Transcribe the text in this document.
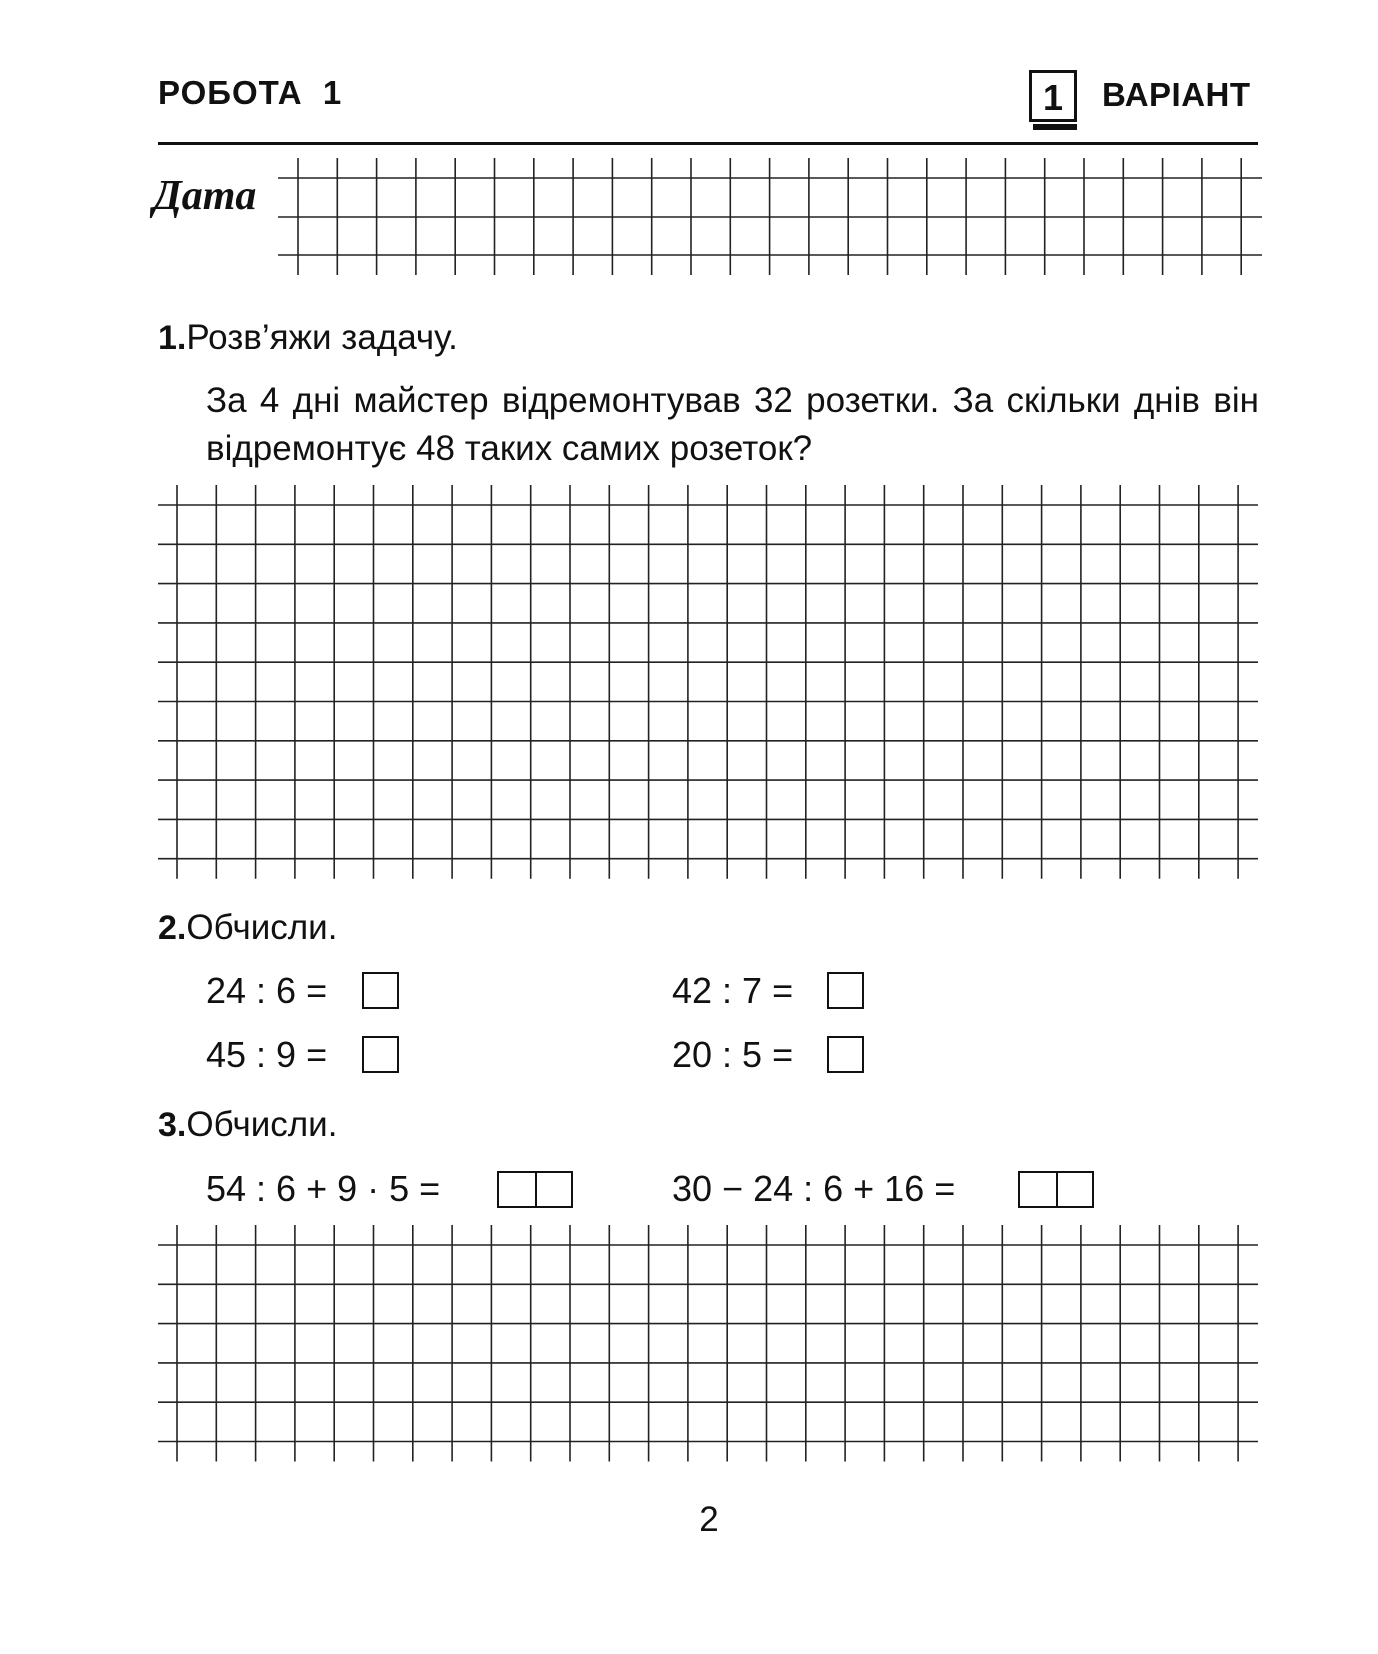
РОБОТА  1	1	ВАРІАНТ
Дата
1.Розв’яжи задачу.
За 4 дні майстер відремонтував 32 розетки. За скільки днів він відремонтує 48 таких самих розеток?
2.Обчисли.
24 : 6 =	42 : 7 =
45 : 9 =	20 : 5 =
3.Обчисли.
54 : 6 + 9 · 5 =	30 − 24 : 6 + 16 =
2
